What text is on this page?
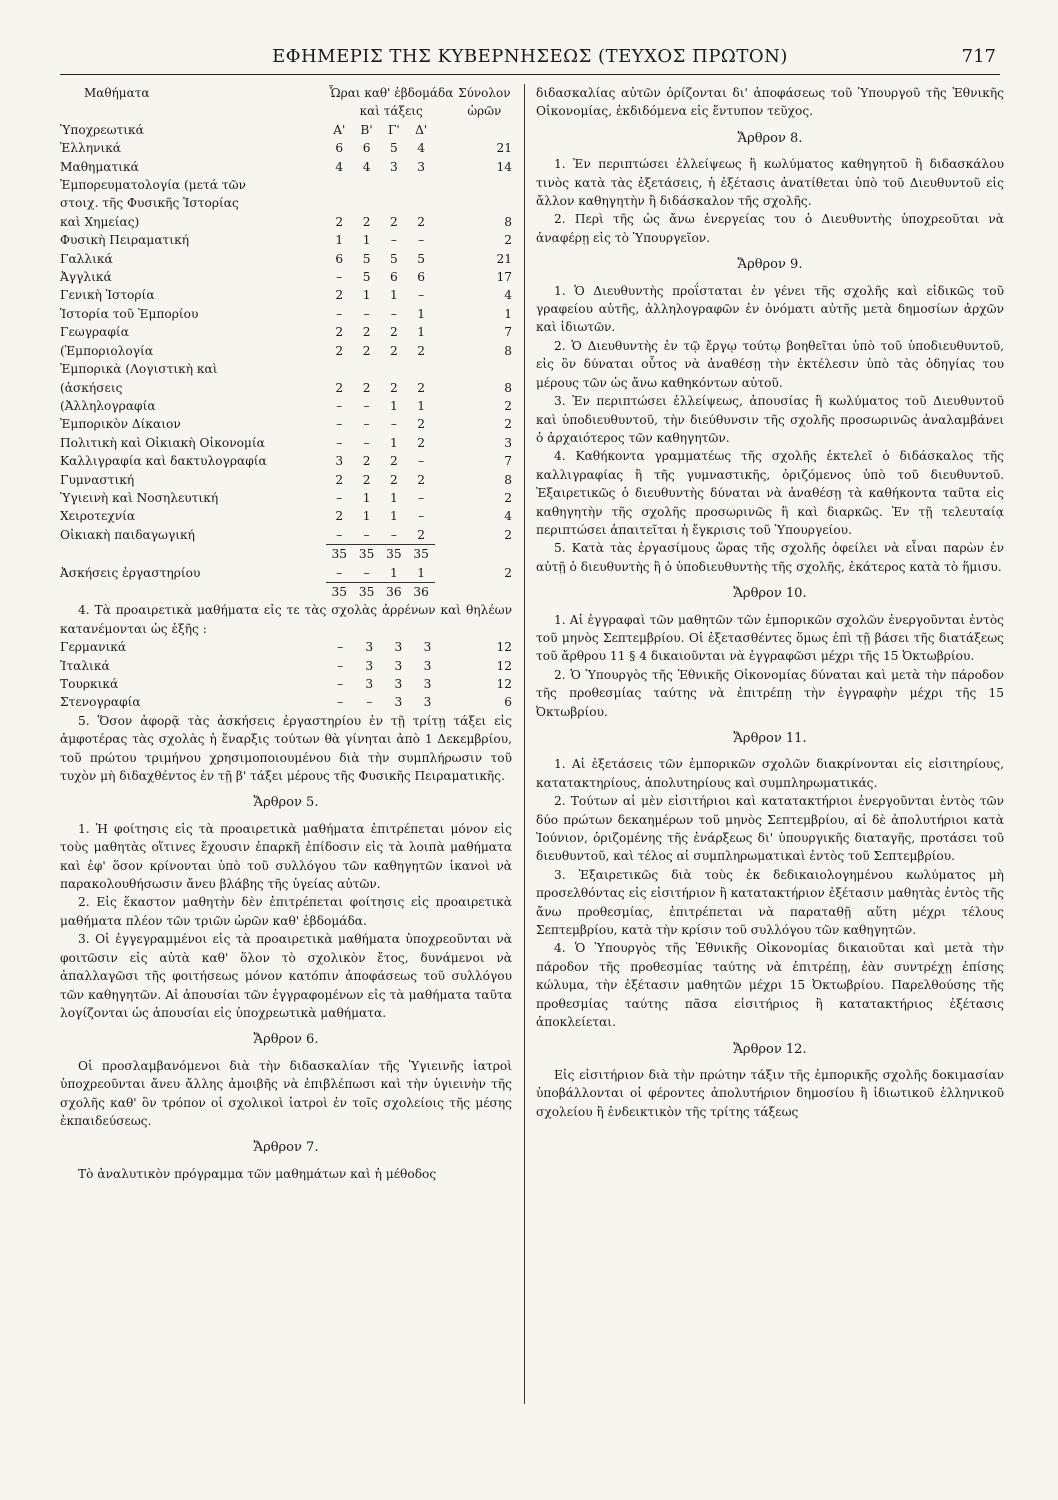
ΕΦΗΜΕΡΙΣ ΤΗΣ ΚΥΒΕΡΝΗΣΕΩΣ (ΤΕΥΧΟΣ ΠΡΩΤΟΝ)	717
Μαθήματα	Ὧραι καθ' ἑβδομάδα					Σύνολον
	καὶ τάξεις					ὡρῶν
Ὑποχρεωτικά	Α'	Β'	Γ'	Δ'		
Ἑλληνικά	6	6	5	4		21
Μαθηματικά	4	4	3	3		14
Ἐμπορευματολογία (μετά τῶν						
στοιχ. τῆς Φυσικῆς Ἱστορίας						
καὶ Χημείας)	2	2	2	2		8
Φυσικὴ Πειραματική	1	1	–	–		2
Γαλλικά	6	5	5	5		21
Ἀγγλικά	–	5	6	6		17
Γενικὴ Ἱστορία	2	1	1	–		4
Ἱστορία τοῦ Ἐμπορίου	–	–	–	1		1
Γεωγραφία	2	2	2	1		7
(Ἐμποριολογία	2	2	2	2		8
Ἐμπορικὰ (Λογιστικὴ καὶ						
(ἀσκήσεις	2	2	2	2		8
(Ἀλληλογραφία	–	–	1	1		2
Ἐμπορικὸν Δίκαιον	–	–	–	2		2
Πολιτικὴ καὶ Οἰκιακὴ Οἰκονομία	–	–	1	2		3
Καλλιγραφία καὶ δακτυλογραφία	3	2	2	–		7
Γυμναστική	2	2	2	2		8
Ὑγιεινὴ καὶ Νοσηλευτική	–	1	1	–		2
Χειροτεχνία	2	1	1	–		4
Οἰκιακὴ παιδαγωγική	–	–	–	2		2
	35	35	35	35		
Ἀσκήσεις ἐργαστηρίου	–	–	1	1		2
	35	35	36	36		

4. Τὰ προαιρετικὰ μαθήματα εἰς τε τὰς σχολὰς ἀρρένων καὶ θηλέων κατανέμονται ὡς ἑξῆς :

Γερμανικά	–	3	3	3		12
Ἰταλικά	–	3	3	3		12
Τουρκικά	–	3	3	3		12
Στενογραφία	–	–	3	3		6

5. Ὅσον ἀφορᾷ τὰς ἀσκήσεις ἐργαστηρίου ἐν τῇ τρίτῃ τάξει εἰς ἀμφοτέρας τὰς σχολὰς ἡ ἔναρξις τούτων θὰ γίνηται ἀπὸ 1 Δεκεμβρίου, τοῦ πρώτου τριμήνου χρησιμοποιουμένου διὰ τὴν συμπλήρωσιν τοῦ τυχὸν μὴ διδαχθέντος ἐν τῇ β' τάξει μέρους τῆς Φυσικῆς Πειραματικῆς.

Ἄρθρον 5.

1. Ἡ φοίτησις εἰς τὰ προαιρετικὰ μαθήματα ἐπιτρέπεται μόνον εἰς τοὺς μαθητὰς οἵτινες ἔχουσιν ἐπαρκῆ ἐπίδοσιν εἰς τὰ λοιπὰ μαθήματα καὶ ἐφ' ὅσον κρίνονται ὑπὸ τοῦ συλλόγου τῶν καθηγητῶν ἱκανοὶ νὰ παρακολουθήσωσιν ἄνευ βλάβης τῆς ὑγείας αὐτῶν.

2. Εἰς ἕκαστον μαθητὴν δὲν ἐπιτρέπεται φοίτησις εἰς προαιρετικὰ μαθήματα πλέον τῶν τριῶν ὡρῶν καθ' ἑβδομάδα.

3. Οἱ ἐγγεγραμμένοι εἰς τὰ προαιρετικὰ μαθήματα ὑποχρεοῦνται νὰ φοιτῶσιν εἰς αὐτὰ καθ' ὅλον τὸ σχολικὸν ἔτος, δυνάμενοι νὰ ἀπαλλαγῶσι τῆς φοιτήσεως μόνον κατόπιν ἀποφάσεως τοῦ συλλόγου τῶν καθηγητῶν. Αἱ ἀπουσίαι τῶν ἐγγραφομένων εἰς τὰ μαθήματα ταῦτα λογίζονται ὡς ἀπουσίαι εἰς ὑποχρεωτικὰ μαθήματα.

Ἄρθρον 6.

Οἱ προσλαμβανόμενοι διὰ τὴν διδασκαλίαν τῆς Ὑγιεινῆς ἰατροὶ ὑποχρεοῦνται ἄνευ ἄλλης ἀμοιβῆς νὰ ἐπιβλέπωσι καὶ τὴν ὑγιεινὴν τῆς σχολῆς καθ' ὃν τρόπον οἱ σχολικοὶ ἰατροὶ ἐν τοῖς σχολείοις τῆς μέσης ἐκπαιδεύσεως.

Ἄρθρον 7.

Τὸ ἀναλυτικὸν πρόγραμμα τῶν μαθημάτων καὶ ἡ μέθοδος

διδασκαλίας αὐτῶν ὁρίζονται δι' ἀποφάσεως τοῦ Ὑπουργοῦ τῆς Ἐθνικῆς Οἰκονομίας, ἐκδιδόμενα εἰς ἔντυπον τεῦχος.

Ἄρθρον 8.

1. Ἐν περιπτώσει ἐλλείψεως ἢ κωλύματος καθηγητοῦ ἢ διδασκάλου τινὸς κατὰ τὰς ἐξετάσεις, ἡ ἐξέτασις ἀνατίθεται ὑπὸ τοῦ Διευθυντοῦ εἰς ἄλλον καθηγητὴν ἢ διδάσκαλον τῆς σχολῆς.

2. Περὶ τῆς ὡς ἄνω ἐνεργείας του ὁ Διευθυντὴς ὑποχρεοῦται νὰ ἀναφέρῃ εἰς τὸ Ὑπουργεῖον.

Ἄρθρον 9.

1. Ὁ Διευθυντὴς προΐσταται ἐν γένει τῆς σχολῆς καὶ εἰδικῶς τοῦ γραφείου αὐτῆς, ἀλληλογραφῶν ἐν ὀνόματι αὐτῆς μετὰ δημοσίων ἀρχῶν καὶ ἰδιωτῶν.

2. Ὁ Διευθυντὴς ἐν τῷ ἔργῳ τούτῳ βοηθεῖται ὑπὸ τοῦ ὑποδιευθυντοῦ, εἰς ὃν δύναται οὗτος νὰ ἀναθέσῃ τὴν ἐκτέλεσιν ὑπὸ τὰς ὁδηγίας του μέρους τῶν ὡς ἄνω καθηκόντων αὐτοῦ.

3. Ἐν περιπτώσει ἐλλείψεως, ἀπουσίας ἢ κωλύματος τοῦ Διευθυντοῦ καὶ ὑποδιευθυντοῦ, τὴν διεύθυνσιν τῆς σχολῆς προσωρινῶς ἀναλαμβάνει ὁ ἀρχαιότερος τῶν καθηγητῶν.

4. Καθήκοντα γραμματέως τῆς σχολῆς ἐκτελεῖ ὁ διδάσκαλος τῆς καλλιγραφίας ἢ τῆς γυμναστικῆς, ὁριζόμενος ὑπὸ τοῦ διευθυντοῦ. Ἐξαιρετικῶς ὁ διευθυντὴς δύναται νὰ ἀναθέσῃ τὰ καθήκοντα ταῦτα εἰς καθηγητὴν τῆς σχολῆς προσωρινῶς ἢ καὶ διαρκῶς. Ἐν τῇ τελευταίᾳ περιπτώσει ἀπαιτεῖται ἡ ἔγκρισις τοῦ Ὑπουργείου.

5. Κατὰ τὰς ἐργασίμους ὥρας τῆς σχολῆς ὀφείλει νὰ εἶναι παρὼν ἐν αὐτῇ ὁ διευθυντὴς ἢ ὁ ὑποδιευθυντὴς τῆς σχολῆς, ἑκάτερος κατὰ τὸ ἥμισυ.

Ἄρθρον 10.

1. Αἱ ἐγγραφαὶ τῶν μαθητῶν τῶν ἐμπορικῶν σχολῶν ἐνεργοῦνται ἐντὸς τοῦ μηνὸς Σεπτεμβρίου. Οἱ ἐξετασθέντες ὅμως ἐπὶ τῇ βάσει τῆς διατάξεως τοῦ ἄρθρου 11 § 4 δικαιοῦνται νὰ ἐγγραφῶσι μέχρι τῆς 15 Ὀκτωβρίου.

2. Ὁ Ὑπουργὸς τῆς Ἐθνικῆς Οἰκονομίας δύναται καὶ μετὰ τὴν πάροδον τῆς προθεσμίας ταύτης νὰ ἐπιτρέπῃ τὴν ἐγγραφὴν μέχρι τῆς 15 Ὀκτωβρίου.

Ἄρθρον 11.

1. Αἱ ἐξετάσεις τῶν ἐμπορικῶν σχολῶν διακρίνονται εἰς εἰσιτηρίους, κατατακτηρίους, ἀπολυτηρίους καὶ συμπληρωματικάς.

2. Τούτων αἱ μὲν εἰσιτήριοι καὶ κατατακτήριοι ἐνεργοῦνται ἐντὸς τῶν δύο πρώτων δεκαημέρων τοῦ μηνὸς Σεπτεμβρίου, αἱ δὲ ἀπολυτήριοι κατὰ Ἰούνιον, ὁριζομένης τῆς ἐνάρξεως δι' ὑπουργικῆς διαταγῆς, προτάσει τοῦ διευθυντοῦ, καὶ τέλος αἱ συμπληρωματικαὶ ἐντὸς τοῦ Σεπτεμβρίου.

3. Ἐξαιρετικῶς διὰ τοὺς ἐκ δεδικαιολογημένου κωλύματος μὴ προσελθόντας εἰς εἰσιτήριον ἢ κατατακτήριον ἐξέτασιν μαθητὰς ἐντὸς τῆς ἄνω προθεσμίας, ἐπιτρέπεται νὰ παραταθῇ αὕτη μέχρι τέλους Σεπτεμβρίου, κατὰ τὴν κρίσιν τοῦ συλλόγου τῶν καθηγητῶν.

4. Ὁ Ὑπουργὸς τῆς Ἐθνικῆς Οἰκονομίας δικαιοῦται καὶ μετὰ τὴν πάροδον τῆς προθεσμίας ταύτης νὰ ἐπιτρέπῃ, ἐὰν συντρέχῃ ἐπίσης κώλυμα, τὴν ἐξέτασιν μαθητῶν μέχρι 15 Ὀκτωβρίου. Παρελθούσης τῆς προθεσμίας ταύτης πᾶσα εἰσιτήριος ἢ κατατακτήριος ἐξέτασις ἀποκλείεται.

Ἄρθρον 12.

Εἰς εἰσιτήριον διὰ τὴν πρώτην τάξιν τῆς ἐμπορικῆς σχολῆς δοκιμασίαν ὑποβάλλονται οἱ φέροντες ἀπολυτήριον δημοσίου ἢ ἰδιωτικοῦ ἑλληνικοῦ σχολείου ἢ ἐνδεικτικὸν τῆς τρίτης τάξεως
